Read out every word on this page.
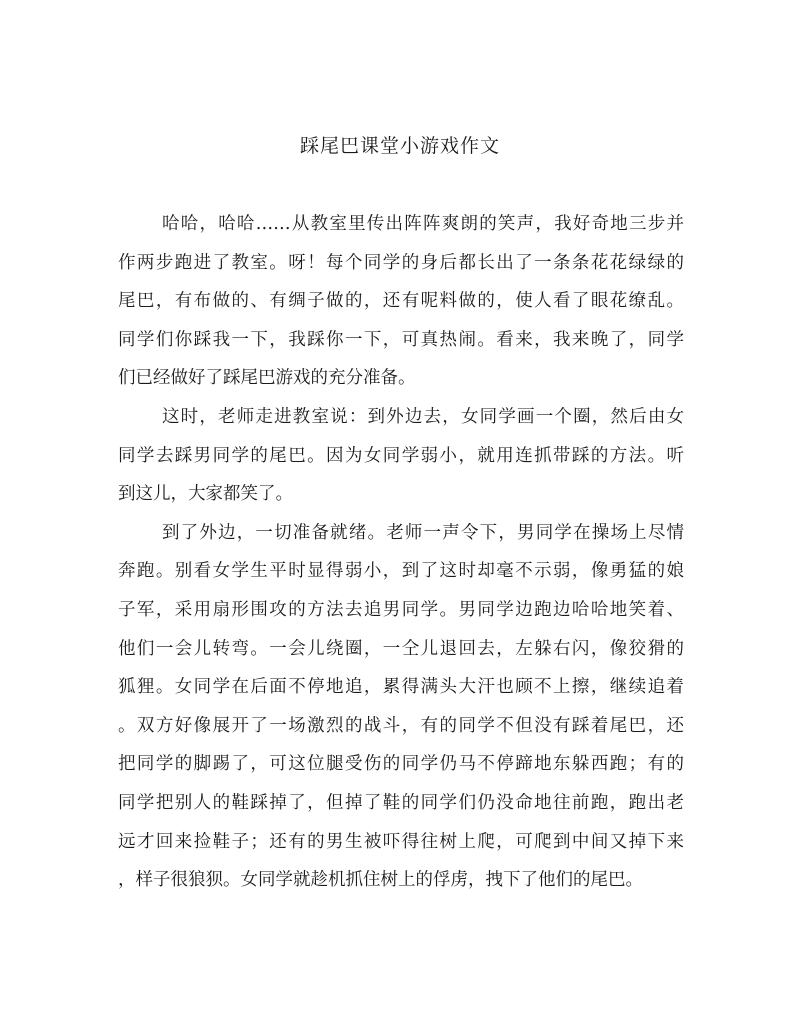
踩尾巴课堂小游戏作文
哈哈，哈哈……从教室里传出阵阵爽朗的笑声，我好奇地三步并
作两步跑进了教室。呀！每个同学的身后都长出了一条条花花绿绿的
尾巴，有布做的、有绸子做的，还有呢料做的，使人看了眼花缭乱。
同学们你踩我一下，我踩你一下，可真热闹。看来，我来晚了，同学
们已经做好了踩尾巴游戏的充分准备。
这时，老师走进教室说：到外边去，女同学画一个圈，然后由女
同学去踩男同学的尾巴。因为女同学弱小，就用连抓带踩的方法。听
到这儿，大家都笑了。
到了外边，一切准备就绪。老师一声令下，男同学在操场上尽情
奔跑。别看女学生平时显得弱小，到了这时却毫不示弱，像勇猛的娘
子军，采用扇形围攻的方法去追男同学。男同学边跑边哈哈地笑着、
他们一会儿转弯。一会儿绕圈，一仝儿退回去，左躲右闪，像狡猾的
狐狸。女同学在后面不停地追，累得满头大汗也顾不上擦，继续追着
。双方好像展开了一场激烈的战斗，有的同学不但没有踩着尾巴，还
把同学的脚踢了，可这位腿受伤的同学仍马不停蹄地东躲西跑；有的
同学把别人的鞋踩掉了，但掉了鞋的同学们仍没命地往前跑，跑出老
远才回来捡鞋子；还有的男生被吓得往树上爬，可爬到中间又掉下来
，样子很狼狈。女同学就趁机抓住树上的俘虏，拽下了他们的尾巴。
